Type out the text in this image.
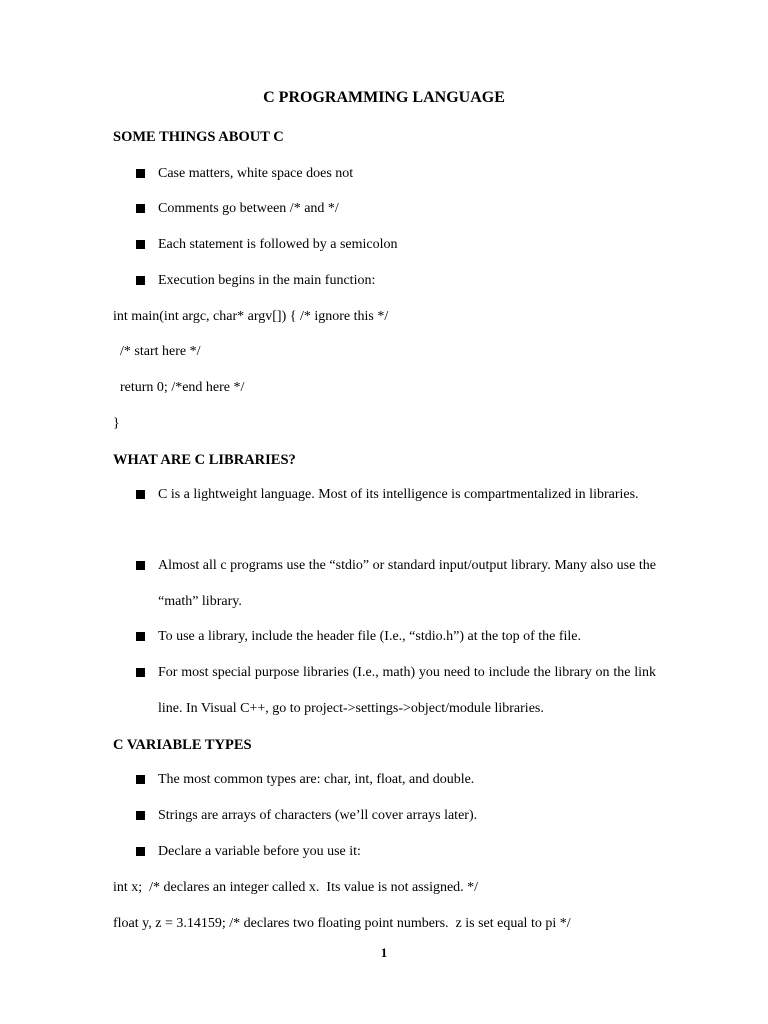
C PROGRAMMING LANGUAGE
SOME THINGS ABOUT C
Case matters, white space does not
Comments go between /* and */
Each statement is followed by a semicolon
Execution begins in the main function:
int main(int argc, char* argv[]) { /* ignore this */
/* start here */
return 0; /*end here */
}
WHAT ARE C LIBRARIES?
C is a lightweight language. Most of its intelligence is compartmentalized in libraries.
Almost all c programs use the “stdio” or standard input/output library. Many also use the “math” library.
To use a library, include the header file (I.e., “stdio.h”) at the top of the file.
For most special purpose libraries (I.e., math) you need to include the library on the link line. In Visual C++, go to project->settings->object/module libraries.
C VARIABLE TYPES
The most common types are: char, int, float, and double.
Strings are arrays of characters (we’ll cover arrays later).
Declare a variable before you use it:
int x;  /* declares an integer called x.  Its value is not assigned. */
float y, z = 3.14159; /* declares two floating point numbers.  z is set equal to pi */
1
